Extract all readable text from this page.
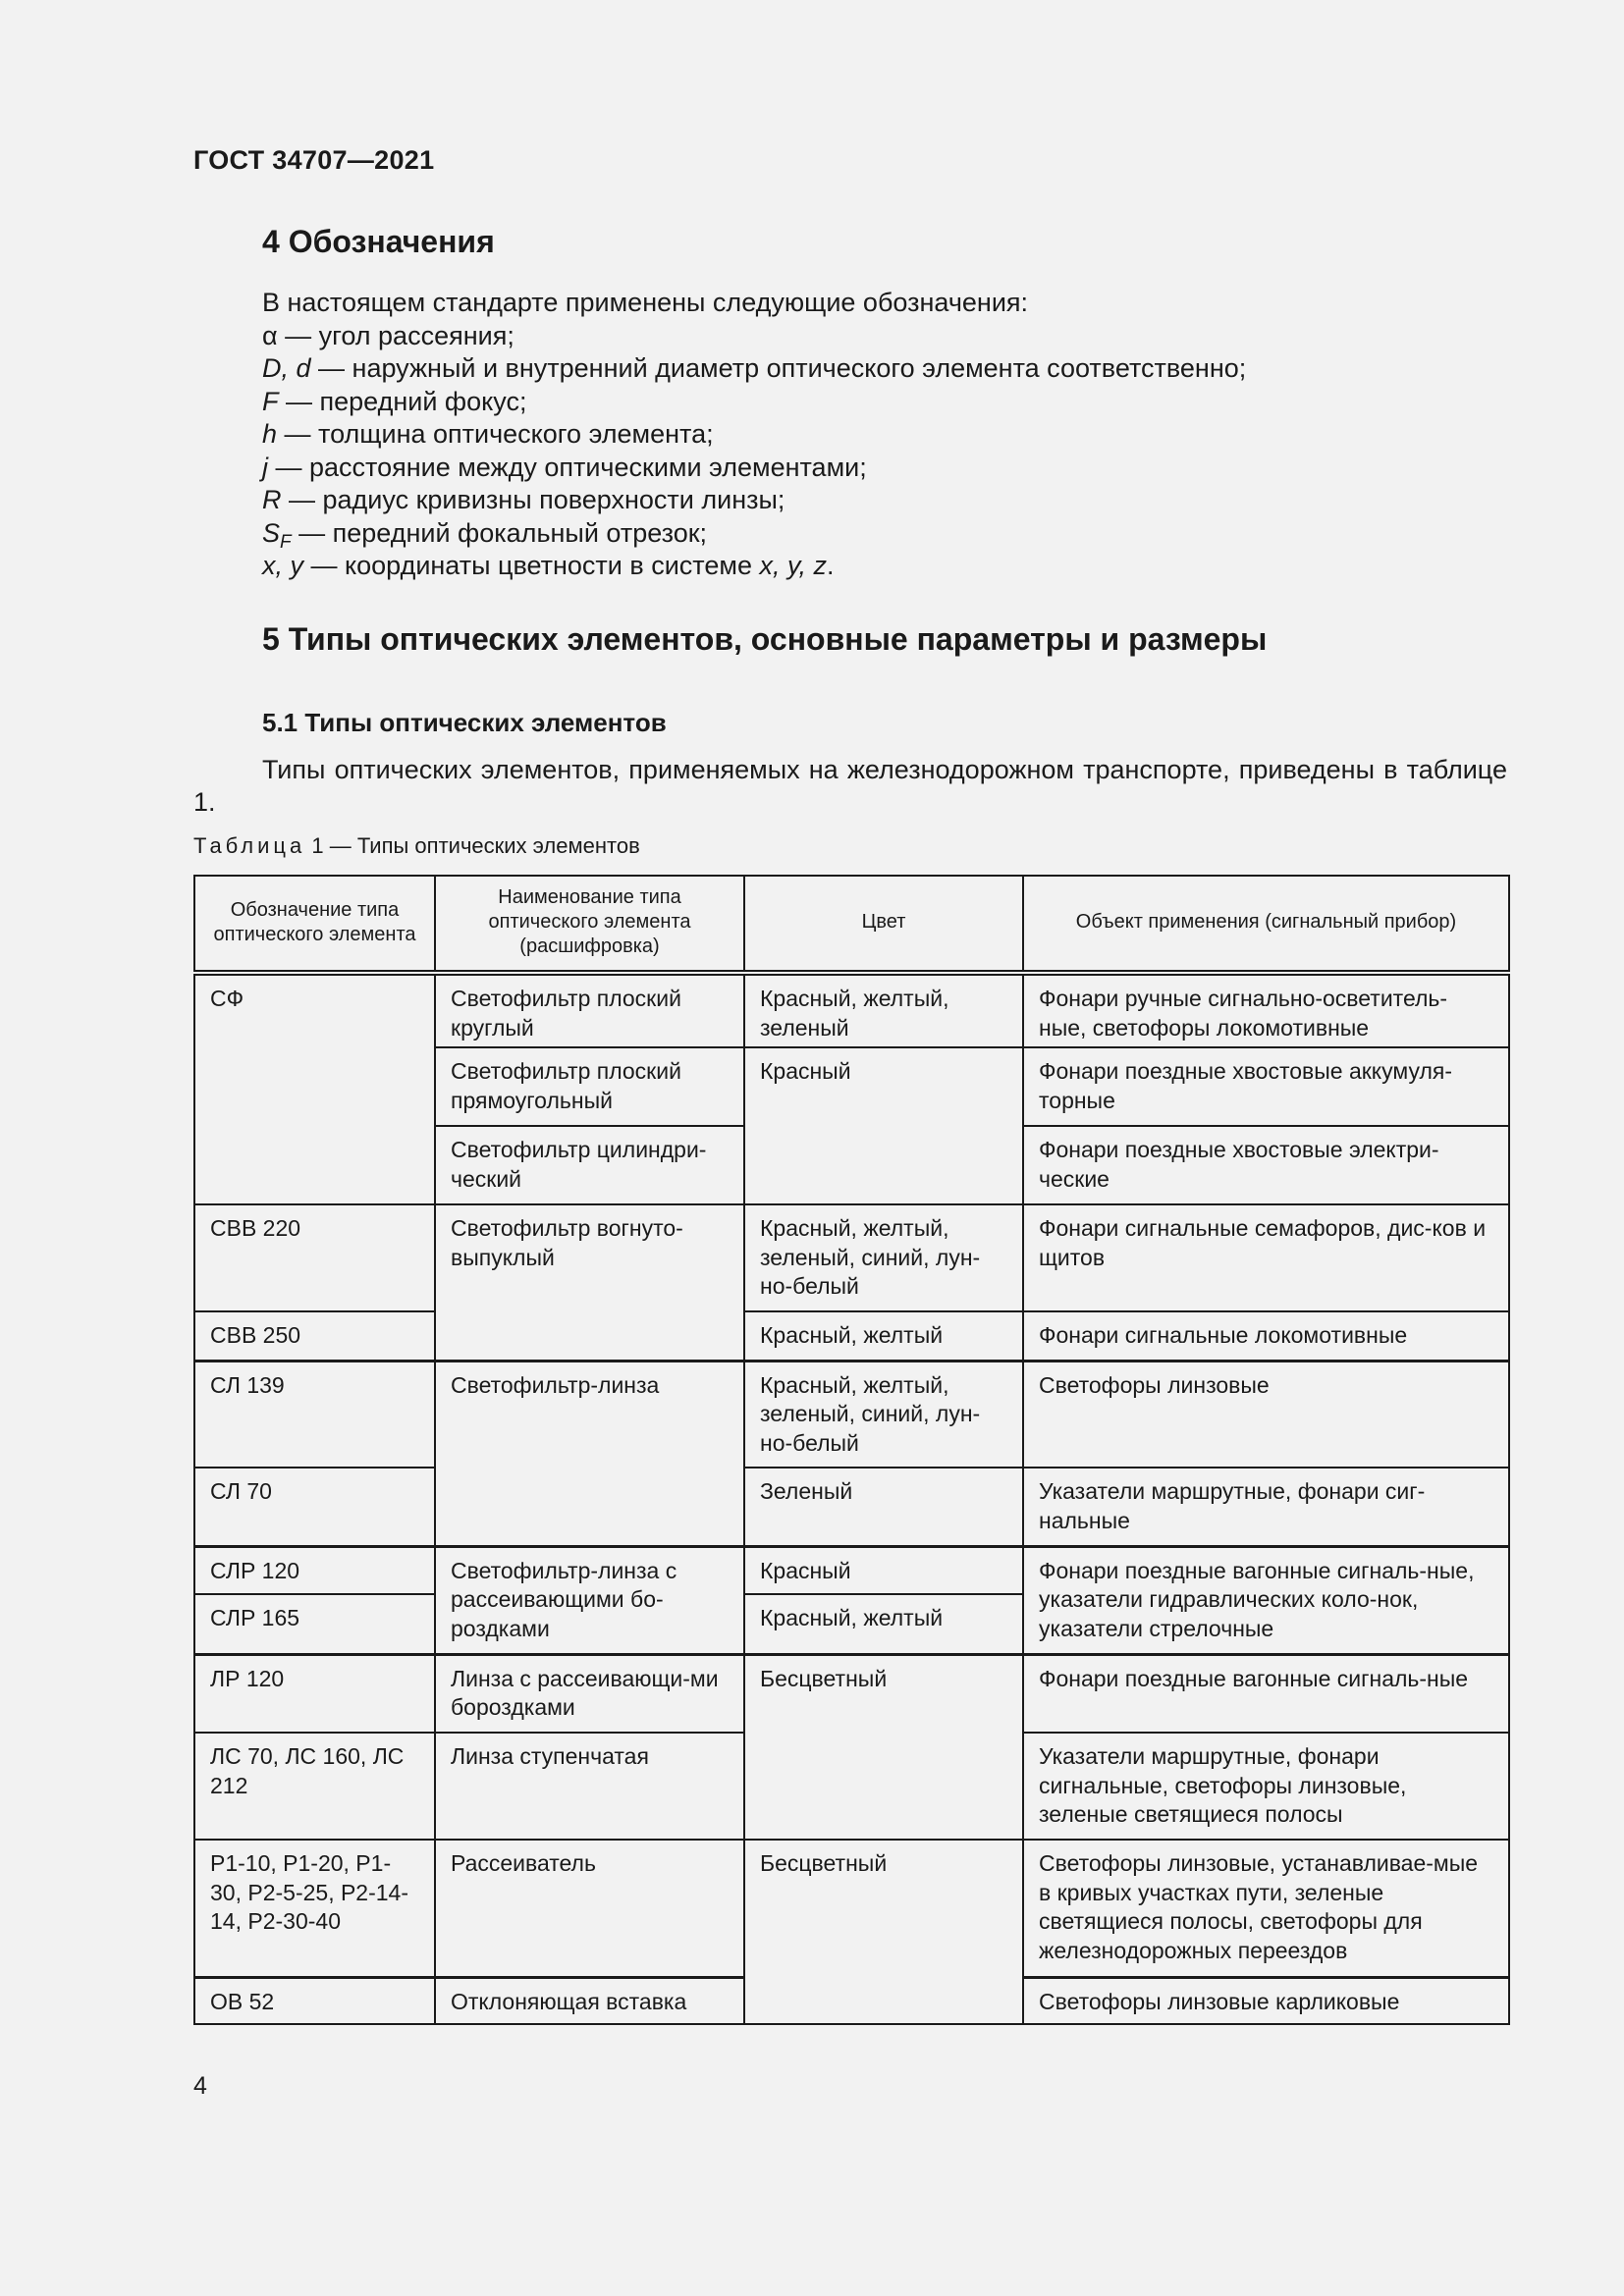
ГОСТ 34707—2021
4 Обозначения
В настоящем стандарте применены следующие обозначения:
α — угол рассеяния;
D, d — наружный и внутренний диаметр оптического элемента соответственно;
F — передний фокус;
h — толщина оптического элемента;
j — расстояние между оптическими элементами;
R — радиус кривизны поверхности линзы;
$S_F$ — передний фокальный отрезок;
x, y — координаты цветности в системе x, y, z.
5 Типы оптических элементов, основные параметры и размеры
5.1 Типы оптических элементов
Типы оптических элементов, применяемых на железнодорожном транспорте, приведены в таблице 1.
Таблица 1 — Типы оптических элементов
Обозначение типа оптического элемента	Наименование типа оптического элемента (расшифровка)	Цвет	Объект применения (сигнальный прибор)
СФ	Светофильтр плоский круглый	Красный, желтый, зеленый	Фонари ручные сигнально-осветитель-ные, светофоры локомотивные
	Светофильтр плоский прямоугольный	Красный	Фонари поездные хвостовые аккумуля-торные
	Светофильтр цилиндри-ческий		Фонари поездные хвостовые электри-ческие
СВВ 220	Светофильтр вогнуто-выпуклый	Красный, желтый, зеленый, синий, лун-но-белый	Фонари сигнальные семафоров, дис-ков и щитов
СВВ 250		Красный, желтый	Фонари сигнальные локомотивные
СЛ 139	Светофильтр-линза	Красный, желтый, зеленый, синий, лун-но-белый	Светофоры линзовые
СЛ 70		Зеленый	Указатели маршрутные, фонари сиг-нальные
СЛР 120	Светофильтр-линза с рассеивающими бо-роздками	Красный	Фонари поездные вагонные сигналь-ные, указатели гидравлических коло-нок, указатели стрелочные
СЛР 165		Красный, желтый	
ЛР 120	Линза с рассеивающи-ми бороздками	Бесцветный	Фонари поездные вагонные сигналь-ные
ЛС 70, ЛС 160, ЛС 212	Линза ступенчатая		Указатели маршрутные, фонари сигнальные, светофоры линзовые, зеленые светящиеся полосы
Р1-10, Р1-20, Р1-30, Р2-5-25, Р2-14-14, Р2-30-40	Рассеиватель	Бесцветный	Светофоры линзовые, устанавливае-мые в кривых участках пути, зеленые светящиеся полосы, светофоры для железнодорожных переездов
ОВ 52	Отклоняющая вставка		Светофоры линзовые карликовые
4
